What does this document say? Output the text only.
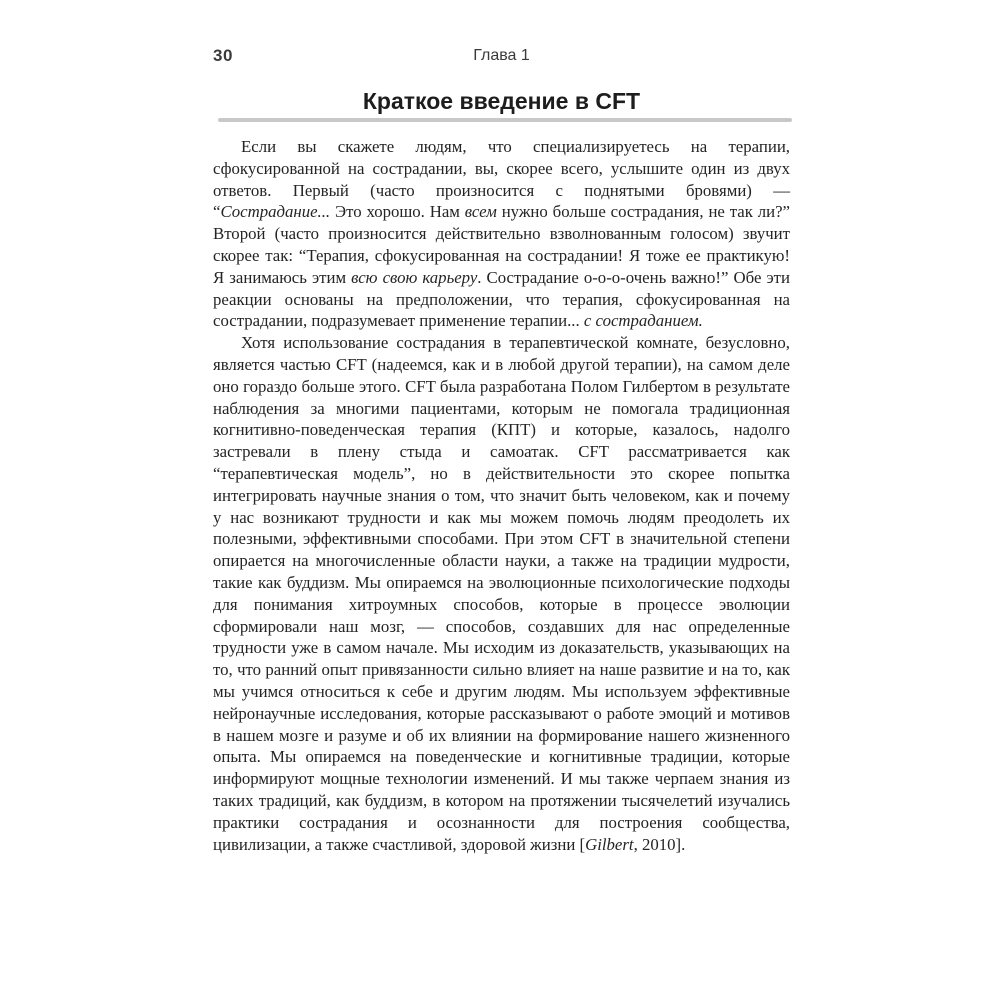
30	Глава 1
Краткое введение в CFT

Если вы скажете людям, что специализируетесь на терапии, сфокусированной на сострадании, вы, скорее всего, услышите один из двух ответов. Первый (часто произносится с поднятыми бровями) — “Сострадание... Это хорошо. Нам всем нужно больше сострадания, не так ли?” Второй (часто произносится действительно взволнованным голосом) звучит скорее так: “Терапия, сфокусированная на сострадании! Я тоже ее практикую! Я занимаюсь этим всю свою карьеру. Сострадание о-о-о-очень важно!” Обе эти реакции основаны на предположении, что терапия, сфокусированная на сострадании, подразумевает применение терапии... с состраданием.

Хотя использование сострадания в терапевтической комнате, безусловно, является частью CFT (надеемся, как и в любой другой терапии), на самом деле оно гораздо больше этого. CFT была разработана Полом Гилбертом в результате наблюдения за многими пациентами, которым не помогала традиционная когнитивно-поведенческая терапия (КПТ) и которые, казалось, надолго застревали в плену стыда и самоатак. CFT рассматривается как “терапевтическая модель”, но в действительности это скорее попытка интегрировать научные знания о том, что значит быть человеком, как и почему у нас возникают трудности и как мы можем помочь людям преодолеть их полезными, эффективными способами. При этом CFT в значительной степени опирается на многочисленные области науки, а также на традиции мудрости, такие как буддизм. Мы опираемся на эволюционные психологические подходы для понимания хитроумных способов, которые в процессе эволюции сформировали наш мозг, — способов, создавших для нас определенные трудности уже в самом начале. Мы исходим из доказательств, указывающих на то, что ранний опыт привязанности сильно влияет на наше развитие и на то, как мы учимся относиться к себе и другим людям. Мы используем эффективные нейронаучные исследования, которые рассказывают о работе эмоций и мотивов в нашем мозге и разуме и об их влиянии на формирование нашего жизненного опыта. Мы опираемся на поведенческие и когнитивные традиции, которые информируют мощные технологии изменений. И мы также черпаем знания из таких традиций, как буддизм, в котором на протяжении тысячелетий изучались практики сострадания и осознанности для построения сообщества, цивилизации, а также счастливой, здоровой жизни [Gilbert, 2010].
